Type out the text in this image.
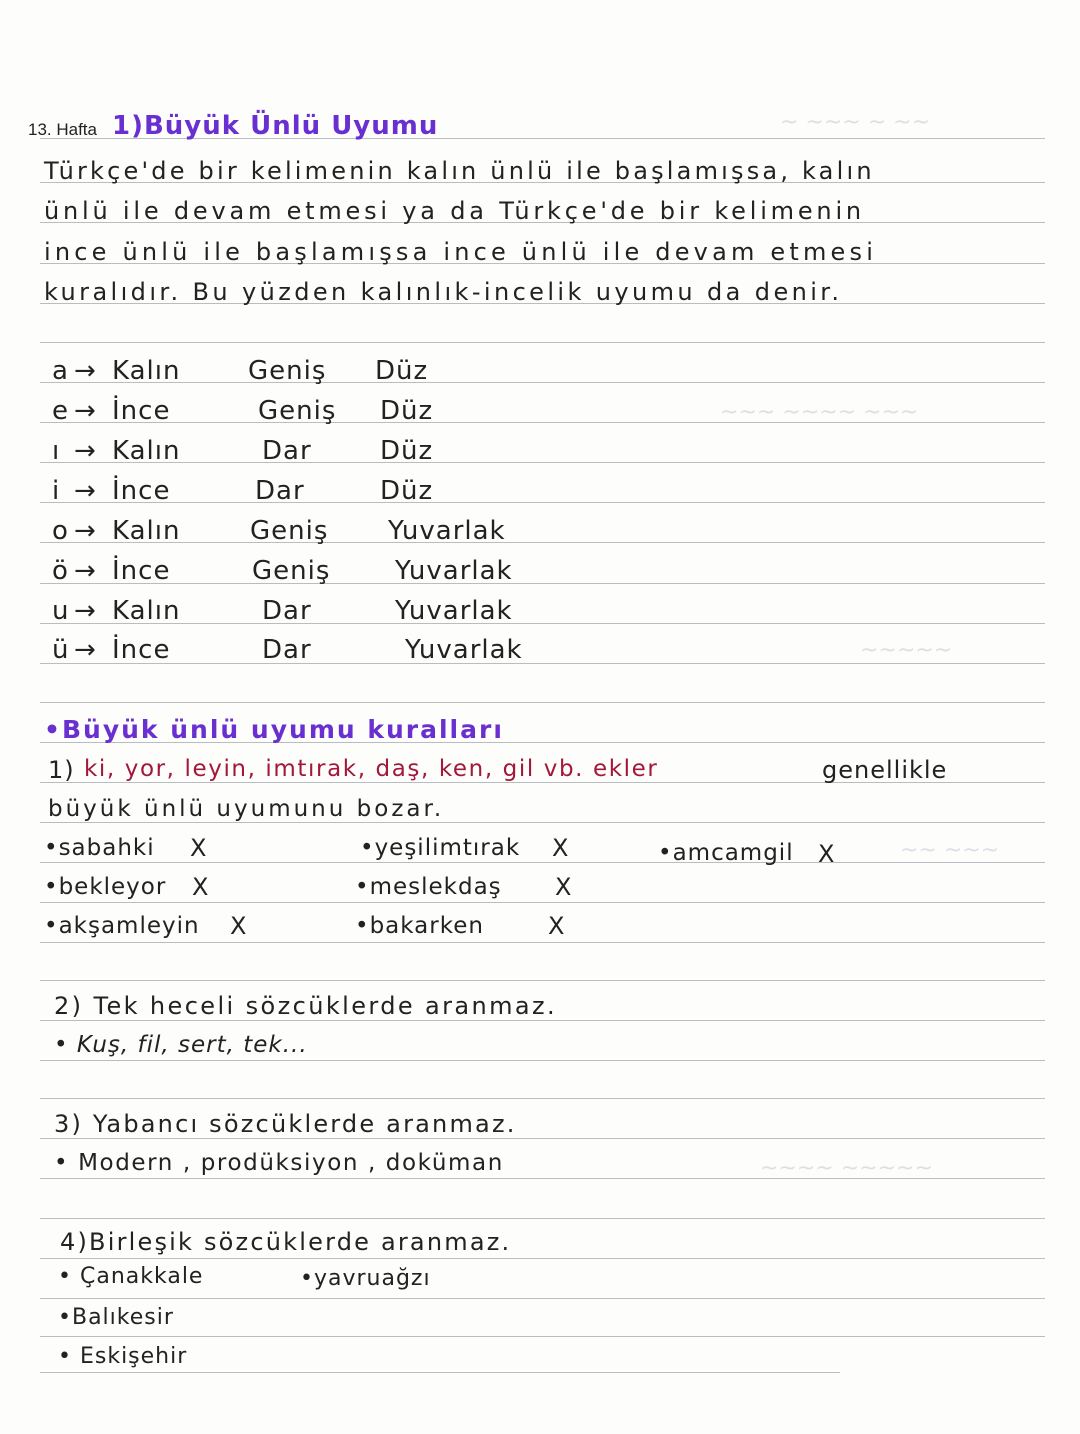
~ ~~~ ~ ~~
~~~ ~~~~ ~~~
~~~~~
~~ ~~~
~~~~ ~~~~~
13. Hafta 1)Büyük Ünlü Uyumu
Türkçe'de bir kelimenin kalın ünlü ile başlamışsa, kalın
ünlü ile devam etmesi ya da Türkçe'de bir kelimenin
ince ünlü ile başlamışsa ince ünlü ile devam etmesi
kuralıdır. Bu yüzden kalınlık-incelik uyumu da denir.
a → Kalın	Geniş Düz
e → İnce	Geniş Düz
ı → Kalın	Dar	Düz
i → İnce	Dar	Düz
o → Kalın	Geniş Yuvarlak
ö → İnce	Geniş Yuvarlak
u → Kalın	Dar	Yuvarlak
ü → İnce	Dar	Yuvarlak
•Büyük ünlü uyumu kuralları
1) ki, yor, leyin, imtırak, daş, ken, gil vb. ekler	genellikle
büyük ünlü uyumunu bozar.
•sabahki X
•bekleyor X
•akşamleyin X
•yeşilimtırak X
•meslekdaş X
•bakarken	X
•amcamgil X
2) Tek heceli sözcüklerde aranmaz.
• Kuş, fil, sert, tek...
3) Yabancı sözcüklerde aranmaz.
• Modern , prodüksiyon , doküman
4)Birleşik sözcüklerde aranmaz.
• Çanakkale	•yavruağzı
•Balıkesir
• Eskişehir
